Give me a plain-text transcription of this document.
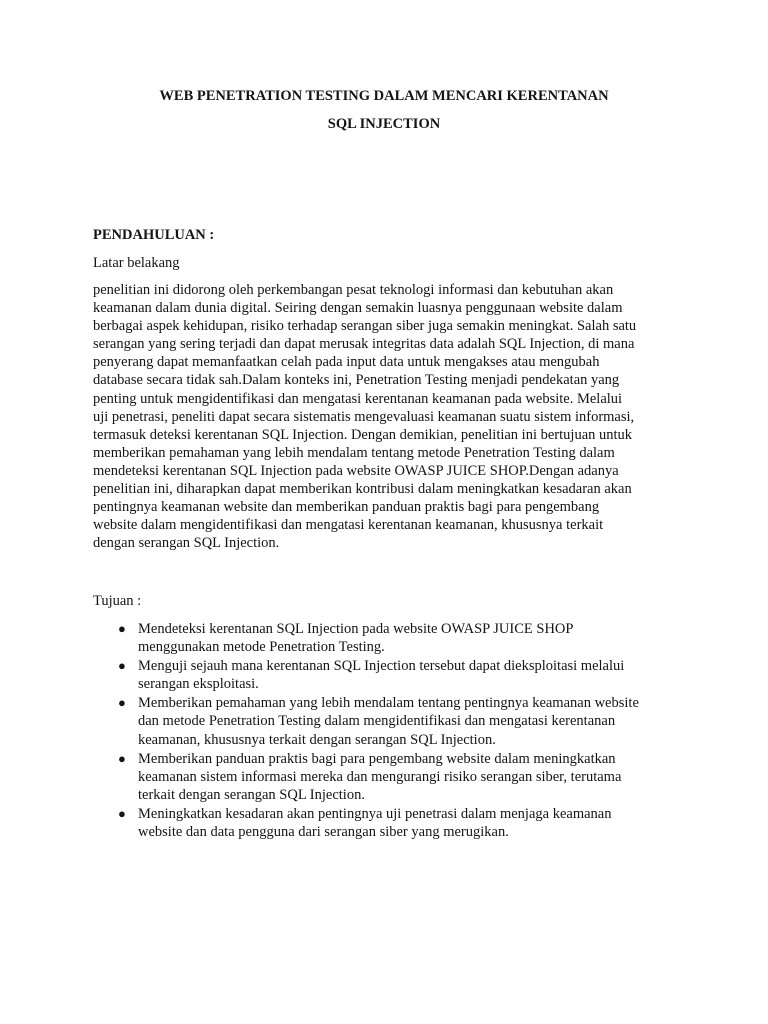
WEB PENETRATION TESTING DALAM MENCARI KERENTANAN
SQL INJECTION
PENDAHULUAN :

Latar belakang

penelitian ini didorong oleh perkembangan pesat teknologi informasi dan kebutuhan akan
keamanan dalam dunia digital. Seiring dengan semakin luasnya penggunaan website dalam
berbagai aspek kehidupan, risiko terhadap serangan siber juga semakin meningkat. Salah satu
serangan yang sering terjadi dan dapat merusak integritas data adalah SQL Injection, di mana
penyerang dapat memanfaatkan celah pada input data untuk mengakses atau mengubah
database secara tidak sah.Dalam konteks ini, Penetration Testing menjadi pendekatan yang
penting untuk mengidentifikasi dan mengatasi kerentanan keamanan pada website. Melalui
uji penetrasi, peneliti dapat secara sistematis mengevaluasi keamanan suatu sistem informasi,
termasuk deteksi kerentanan SQL Injection. Dengan demikian, penelitian ini bertujuan untuk
memberikan pemahaman yang lebih mendalam tentang metode Penetration Testing dalam
mendeteksi kerentanan SQL Injection pada website OWASP JUICE SHOP.Dengan adanya
penelitian ini, diharapkan dapat memberikan kontribusi dalam meningkatkan kesadaran akan
pentingnya keamanan website dan memberikan panduan praktis bagi para pengembang
website dalam mengidentifikasi dan mengatasi kerentanan keamanan, khususnya terkait
dengan serangan SQL Injection.

Tujuan :

● Mendeteksi kerentanan SQL Injection pada website OWASP JUICE SHOP
menggunakan metode Penetration Testing.
● Menguji sejauh mana kerentanan SQL Injection tersebut dapat dieksploitasi melalui
serangan eksploitasi.
● Memberikan pemahaman yang lebih mendalam tentang pentingnya keamanan website
dan metode Penetration Testing dalam mengidentifikasi dan mengatasi kerentanan
keamanan, khususnya terkait dengan serangan SQL Injection.
● Memberikan panduan praktis bagi para pengembang website dalam meningkatkan
keamanan sistem informasi mereka dan mengurangi risiko serangan siber, terutama
terkait dengan serangan SQL Injection.
● Meningkatkan kesadaran akan pentingnya uji penetrasi dalam menjaga keamanan
website dan data pengguna dari serangan siber yang merugikan.
